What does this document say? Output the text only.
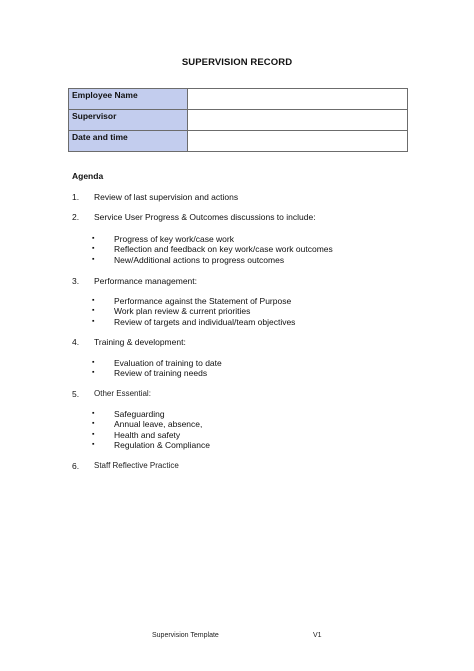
SUPERVISION RECORD
Employee Name	
Supervisor	
Date and time	
Agenda
1.	Review of last supervision and actions
2.	Service User Progress & Outcomes discussions to include:
▪ Progress of key work/case work
▪ Reflection and feedback on key work/case work outcomes
▪ New/Additional actions to progress outcomes
3.	Performance management:
▪ Performance against the Statement of Purpose
▪ Work plan review & current priorities
▪ Review of targets and individual/team objectives
4.	Training & development:
▪ Evaluation of training to date
▪ Review of training needs
5.	Other Essential:
▪ Safeguarding
▪ Annual leave, absence,
▪ Health and safety
▪ Regulation & Compliance
6.	Staff Reflective Practice
Supervision Template	V1
